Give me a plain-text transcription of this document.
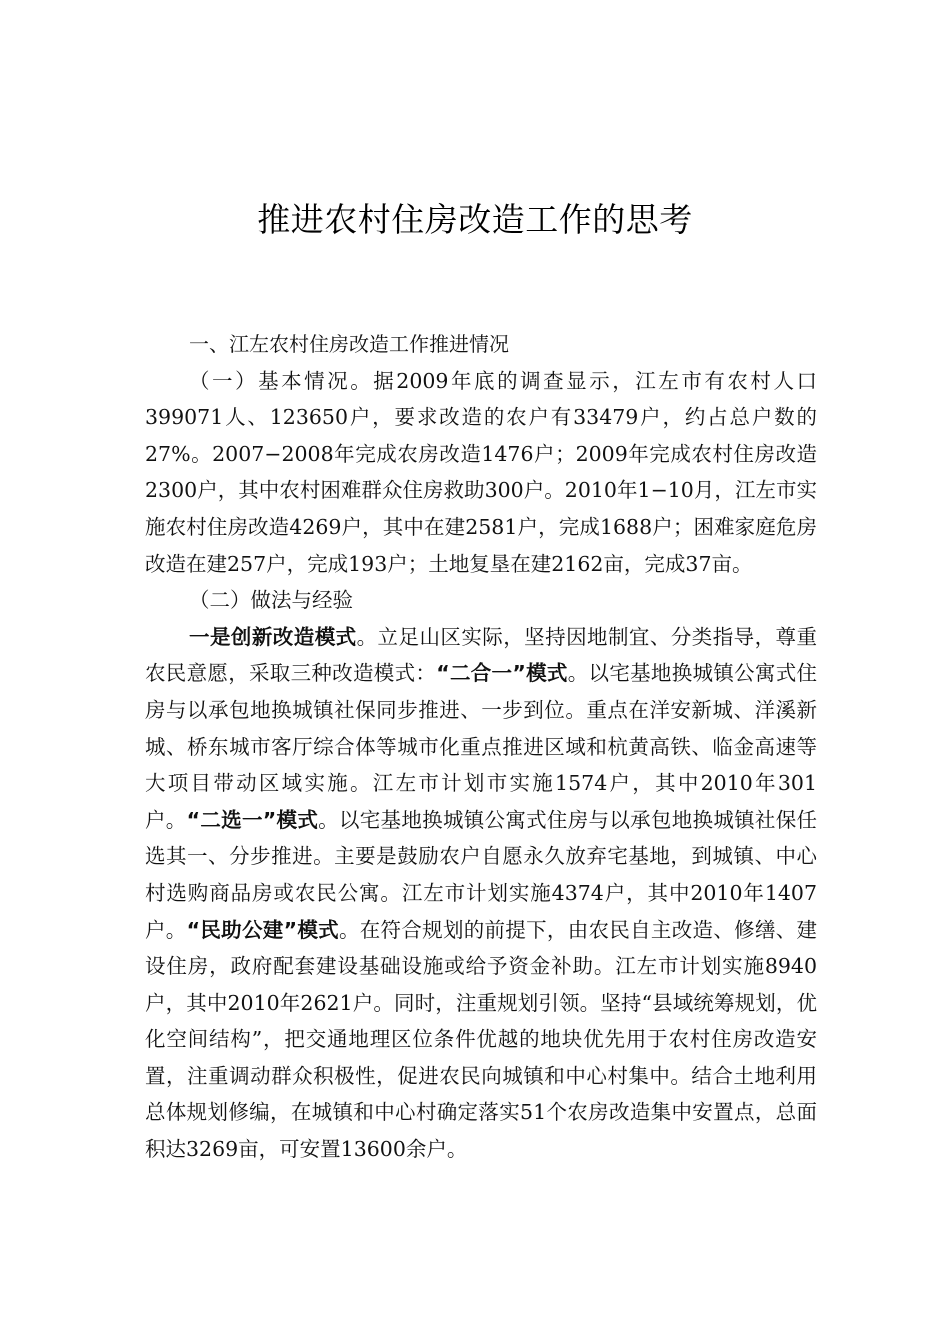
推进农村住房改造工作的思考

一、江左农村住房改造工作推进情况

（一）基本情况。据2009年底的调查显示，江左市有农村人口399071人、123650户，要求改造的农户有33479户，约占总户数的27%。2007−2008年完成农房改造1476户；2009年完成农村住房改造2300户，其中农村困难群众住房救助300户。2010年1−10月，江左市实施农村住房改造4269户，其中在建2581户，完成1688户；困难家庭危房改造在建257户，完成193户；土地复垦在建2162亩，完成37亩。

（二）做法与经验

一是创新改造模式。立足山区实际，坚持因地制宜、分类指导，尊重农民意愿，采取三种改造模式：“二合一”模式。以宅基地换城镇公寓式住房与以承包地换城镇社保同步推进、一步到位。重点在洋安新城、洋溪新城、桥东城市客厅综合体等城市化重点推进区域和杭黄高铁、临金高速等大项目带动区域实施。江左市计划市实施1574户，其中2010年301户。“二选一”模式。以宅基地换城镇公寓式住房与以承包地换城镇社保任选其一、分步推进。主要是鼓励农户自愿永久放弃宅基地，到城镇、中心村选购商品房或农民公寓。江左市计划实施4374户，其中2010年1407户。“民助公建”模式。在符合规划的前提下，由农民自主改造、修缮、建设住房，政府配套建设基础设施或给予资金补助。江左市计划实施8940户，其中2010年2621户。同时，注重规划引领。坚持“县域统筹规划，优化空间结构”，把交通地理区位条件优越的地块优先用于农村住房改造安置，注重调动群众积极性，促进农民向城镇和中心村集中。结合土地利用总体规划修编，在城镇和中心村确定落实51个农房改造集中安置点，总面积达3269亩，可安置13600余户。
